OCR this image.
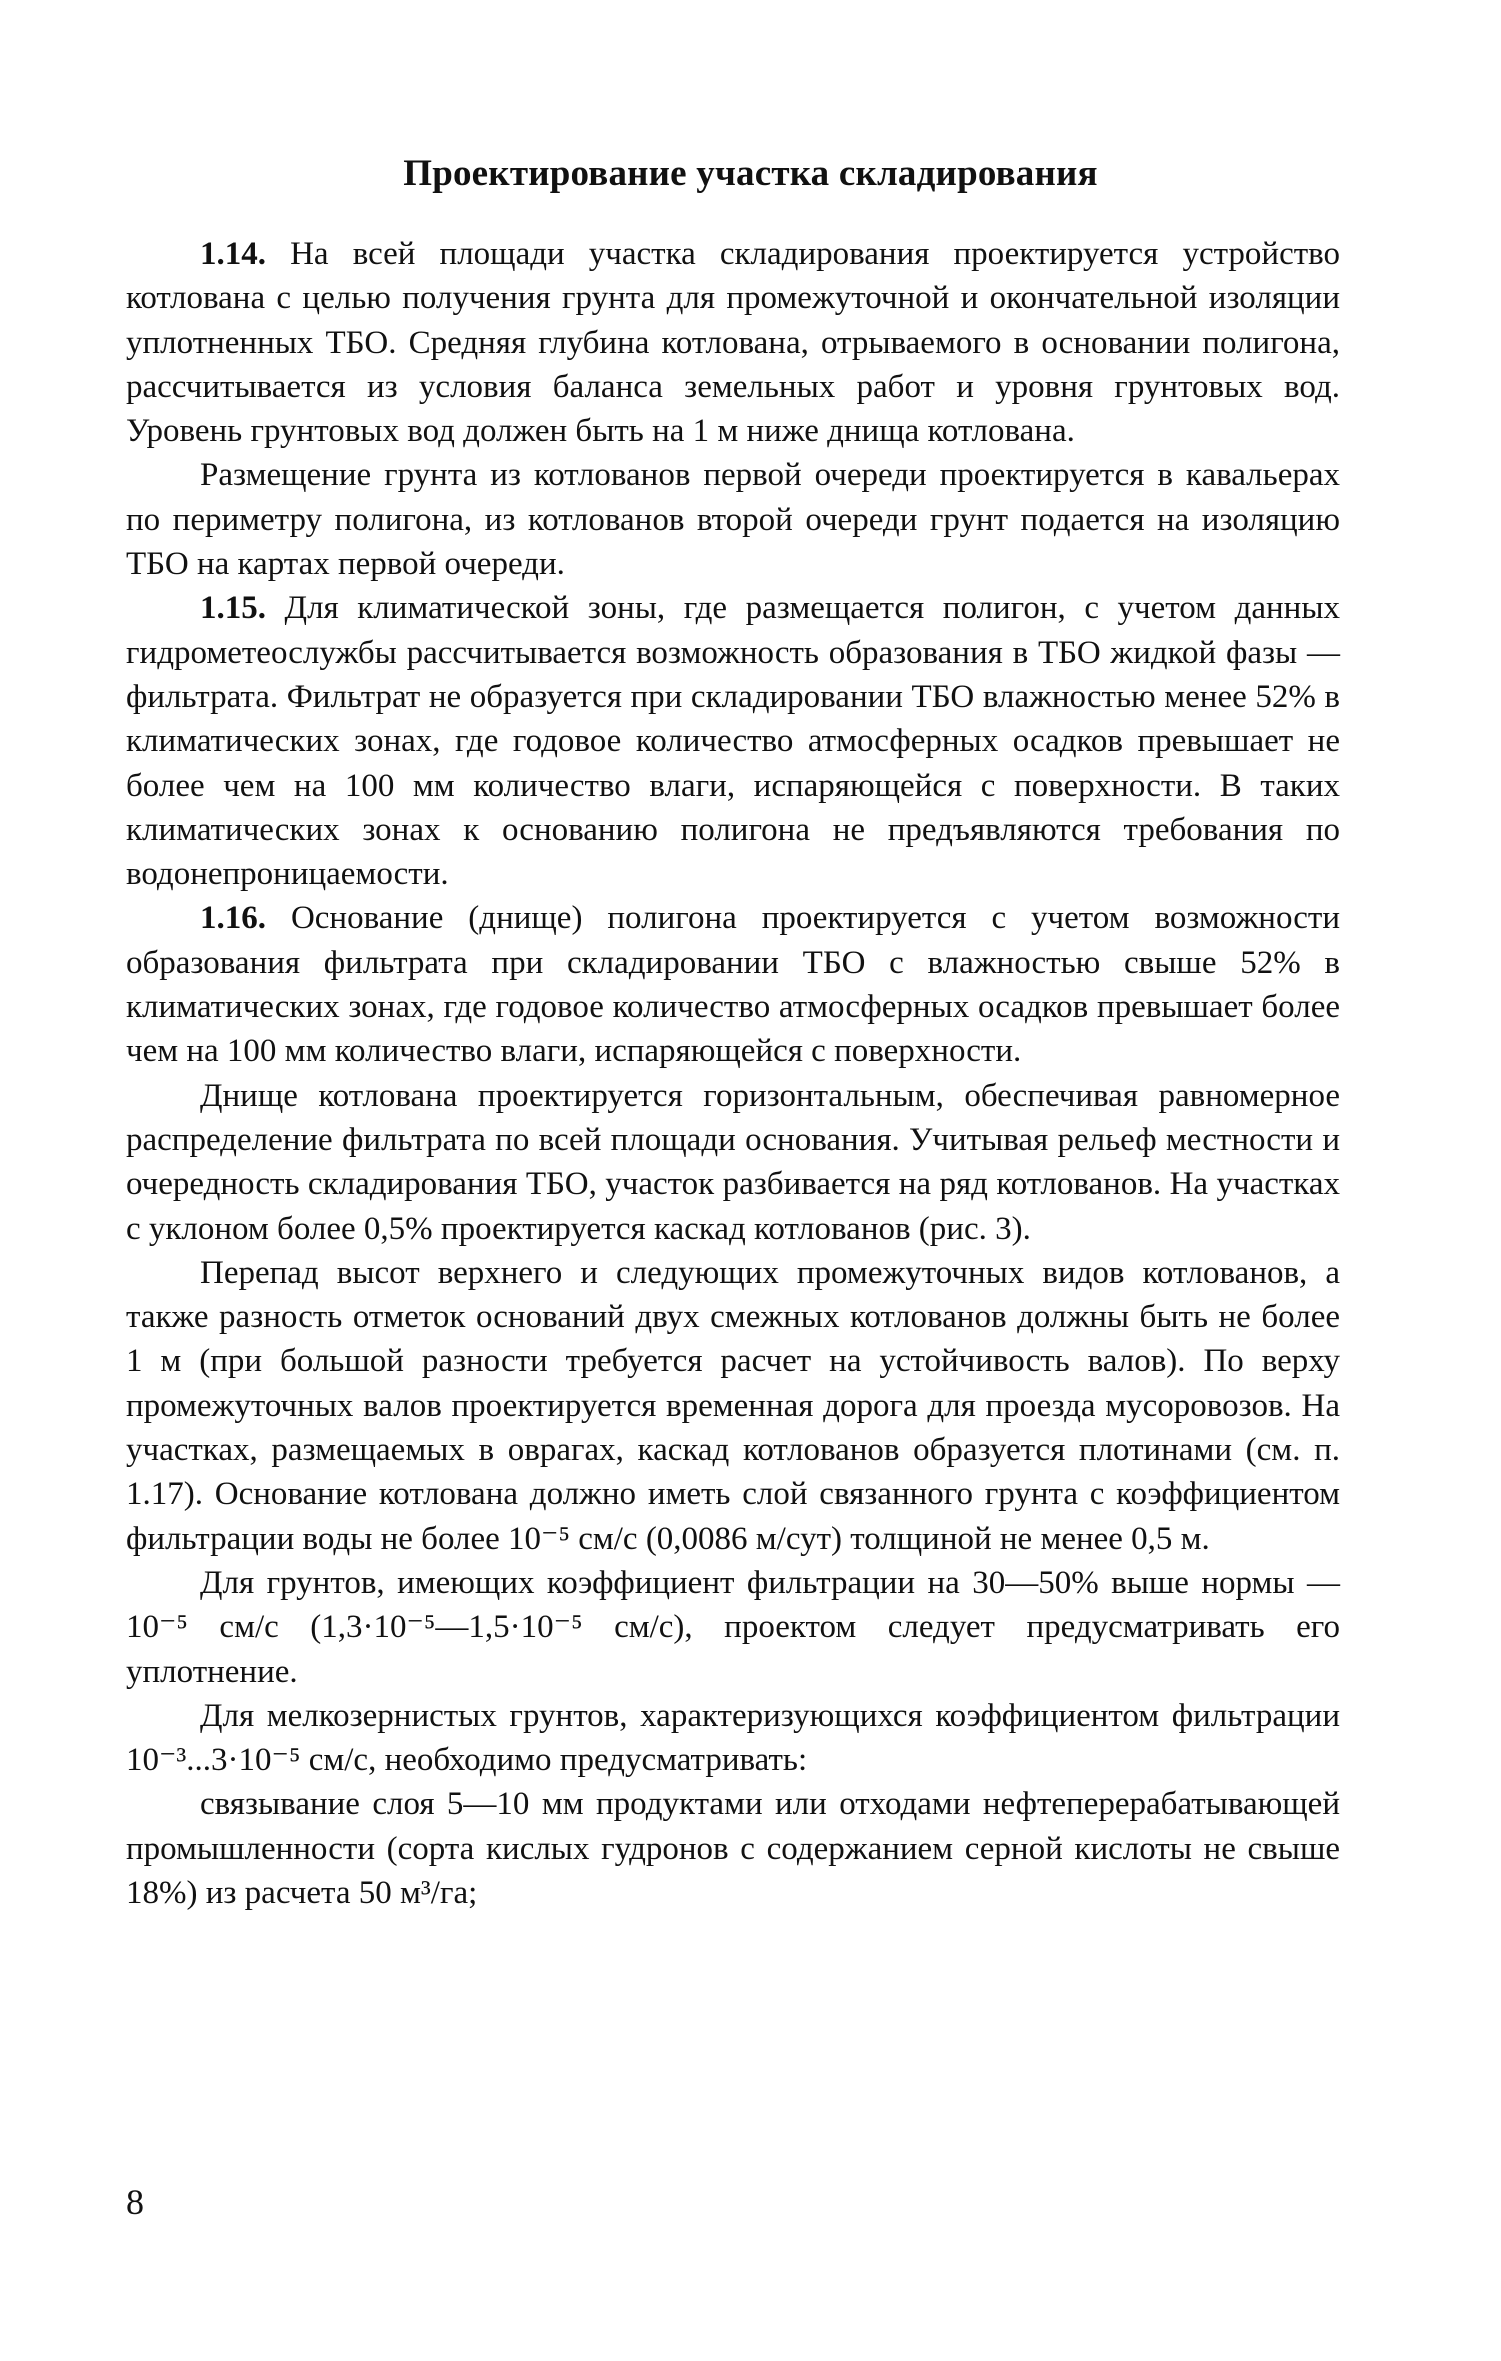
Проектирование участка складирования

1.14. На всей площади участка складирования проектируется устройство котлована с целью получения грунта для промежуточной и окончательной изоляции уплотненных ТБО. Средняя глубина котлована, отрываемого в основании полигона, рассчитывается из условия баланса земельных работ и уровня грунтовых вод. Уровень грунтовых вод должен быть на 1 м ниже днища котлована.

Размещение грунта из котлованов первой очереди проектируется в кавальерах по периметру полигона, из котлованов второй очереди грунт подается на изоляцию ТБО на картах первой очереди.

1.15. Для климатической зоны, где размещается полигон, с учетом данных гидрометеослужбы рассчитывается возможность образования в ТБО жидкой фазы — фильтрата. Фильтрат не образуется при складировании ТБО влажностью менее 52% в климатических зонах, где годовое количество атмосферных осадков превышает не более чем на 100 мм количество влаги, испаряющейся с поверхности. В таких климатических зонах к основанию полигона не предъявляются требования по водонепроницаемости.

1.16. Основание (днище) полигона проектируется с учетом возможности образования фильтрата при складировании ТБО с влажностью свыше 52% в климатических зонах, где годовое количество атмосферных осадков превышает более чем на 100 мм количество влаги, испаряющейся с поверхности.

Днище котлована проектируется горизонтальным, обеспечивая равномерное распределение фильтрата по всей площади основания. Учитывая рельеф местности и очередность складирования ТБО, участок разбивается на ряд котлованов. На участках с уклоном более 0,5% проектируется каскад котлованов (рис. 3).

Перепад высот верхнего и следующих промежуточных видов котлованов, а также разность отметок оснований двух смежных котлованов должны быть не более 1 м (при большой разности требуется расчет на устойчивость валов). По верху промежуточных валов проектируется временная дорога для проезда мусоровозов. На участках, размещаемых в оврагах, каскад котлованов образуется плотинами (см. п. 1.17). Основание котлована должно иметь слой связанного грунта с коэффициентом фильтрации воды не более 10⁻⁵ см/с (0,0086 м/сут) толщиной не менее 0,5 м.

Для грунтов, имеющих коэффициент фильтрации на 30—50% выше нормы — 10⁻⁵ см/с (1,3·10⁻⁵—1,5·10⁻⁵ см/с), проектом следует предусматривать его уплотнение.

Для мелкозернистых грунтов, характеризующихся коэффициентом фильтрации 10⁻³...3·10⁻⁵ см/с, необходимо предусматривать:

связывание слоя 5—10 мм продуктами или отходами нефтеперерабатывающей промышленности (сорта кислых гудронов с содержанием серной кислоты не свыше 18%) из расчета 50 м³/га;

8
